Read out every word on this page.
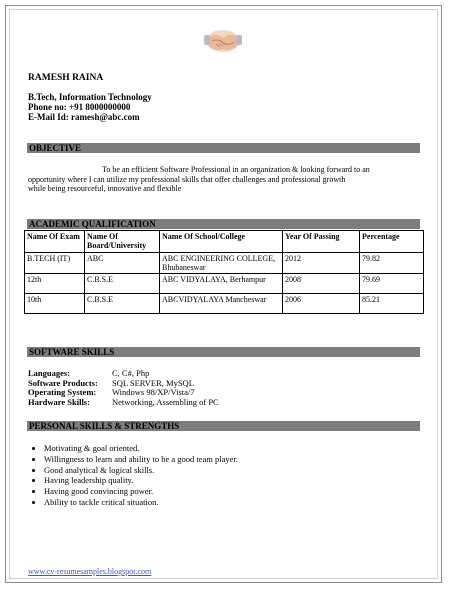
RAMESH RAINA
B.Tech, Information Technology
Phone no: +91 8000000000
E-Mail Id: ramesh@abc.com
OBJECTIVE
To be an efficient Software Professional in an organization & looking forward to an
opportunity where I can utilize my professional skills that offer challenges and professional growth
while being resourceful, innovative and flexible
ACADEMIC QUALIFICATION
Name Of Exam	Name Of Board/University	Name Of School/College	Year Of Passing	Percentage
B.TECH (IT)	ABC	ABC ENGINEERING COLLEGE, Bhubaneswar	2012	79.82
12th	C.B.S.E	ABC VIDYALAYA, Berhampur	2008	79.69
10th	C.B.S.E	ABCVIDYALAYA Mancheswar	2006	85.21
SOFTWARE SKILLS
Languages:	C, C#, Php
Software Products:	SQL SERVER, MySQL
Operating System:	Windows 98/XP/Vista/7
Hardware Skills:	Networking, Assembling of PC
PERSONAL SKILLS & STRENGTHS
• Motivating & goal oriented.
• Willingness to learn and ability to be a good team player.
• Good analytical & logical skills.
• Having leadership quality.
• Having good convincing power.
• Ability to tackle critical situation.
www.cv-resumesamples.blogspot.com
